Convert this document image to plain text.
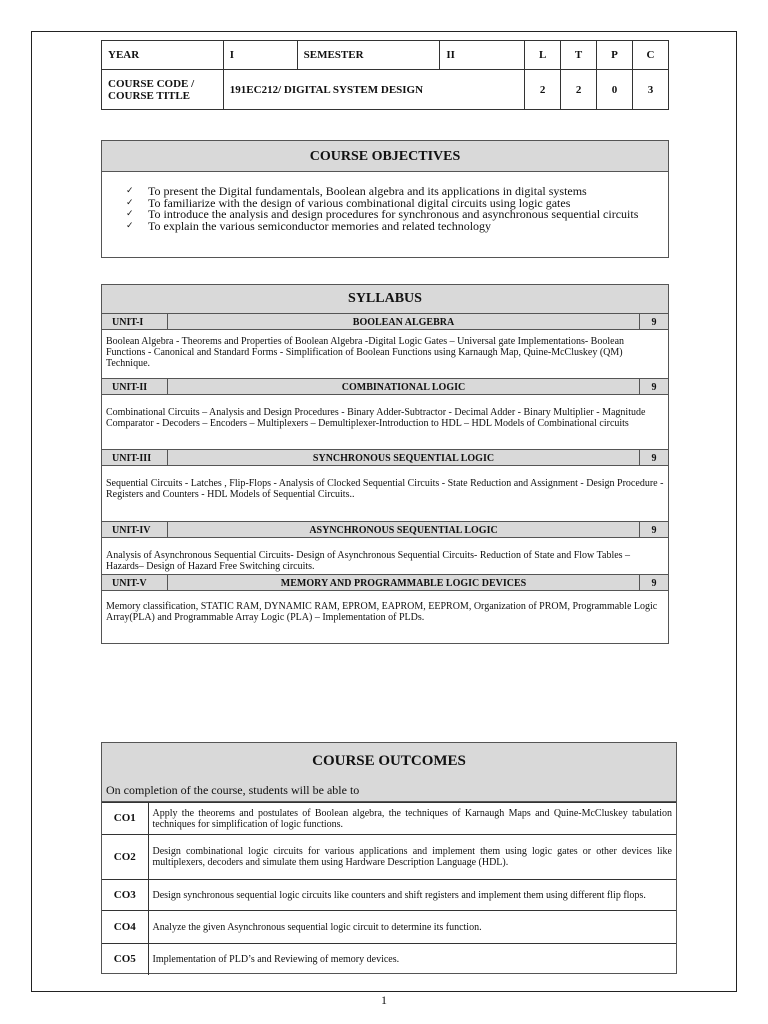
YEAR	I	SEMESTER	II	L	T	P	C
COURSE CODE / COURSE TITLE	191EC212/ DIGITAL SYSTEM DESIGN			2	2	0	3
COURSE OBJECTIVES
✓ To present the Digital fundamentals, Boolean algebra and its applications in digital systems
✓ To familiarize with the design of various combinational digital circuits using logic gates
✓ To introduce the analysis and design procedures for synchronous and asynchronous sequential circuits
✓ To explain the various semiconductor memories and related technology
SYLLABUS
UNIT-I	BOOLEAN ALGEBRA	9
Boolean Algebra - Theorems and Properties of Boolean Algebra -Digital Logic Gates – Universal gate Implementations- Boolean Functions - Canonical and Standard Forms - Simplification of Boolean Functions using Karnaugh Map, Quine-McCluskey (QM) Technique.
UNIT-II	COMBINATIONAL LOGIC	9
Combinational Circuits – Analysis and Design Procedures - Binary Adder-Subtractor - Decimal Adder - Binary Multiplier - Magnitude Comparator - Decoders – Encoders – Multiplexers – Demultiplexer-Introduction to HDL – HDL Models of Combinational circuits
UNIT-III	SYNCHRONOUS SEQUENTIAL LOGIC	9
Sequential Circuits - Latches , Flip-Flops - Analysis of Clocked Sequential Circuits - State Reduction and Assignment - Design Procedure - Registers and Counters - HDL Models of Sequential Circuits..
UNIT-IV	ASYNCHRONOUS SEQUENTIAL LOGIC	9
Analysis of Asynchronous Sequential Circuits- Design of Asynchronous Sequential Circuits- Reduction of State and Flow Tables –Hazards– Design of Hazard Free Switching circuits.
UNIT-V	MEMORY AND PROGRAMMABLE LOGIC DEVICES	9
Memory classification, STATIC RAM, DYNAMIC RAM, EPROM, EAPROM, EEPROM, Organization of PROM, Programmable Logic Array(PLA) and Programmable Array Logic (PLA) – Implementation of PLDs.
COURSE OUTCOMES
On completion of the course, students will be able to
CO1	Apply the theorems and postulates of Boolean algebra, the techniques of Karnaugh Maps and Quine-McCluskey tabulation techniques for simplification of logic functions.
CO2	Design combinational logic circuits for various applications and implement them using logic gates or other devices like multiplexers, decoders and simulate them using Hardware Description Language (HDL).
CO3	Design synchronous sequential logic circuits like counters and shift registers and implement them using different flip flops.
CO4	Analyze the given Asynchronous sequential logic circuit to determine its function.
CO5	Implementation of PLD’s and Reviewing of memory devices.
1
